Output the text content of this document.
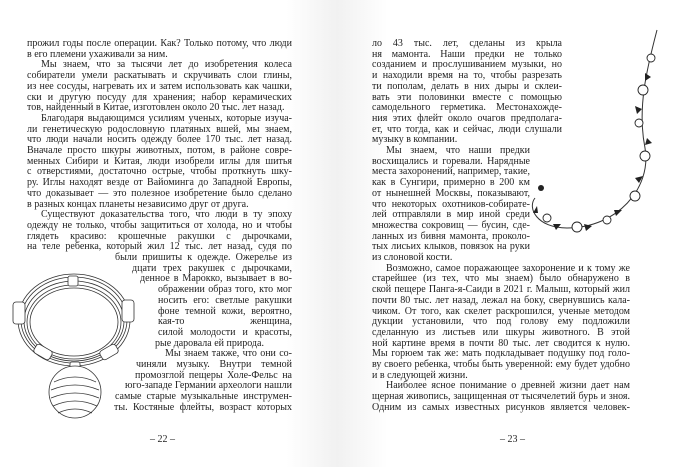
прожил годы после операции. Как? Только потому, что люди
в его племени ухаживали за ним.
Мы знаем, что за тысячи лет до изобретения колеса
собиратели умели раскатывать и скручивать слои глины,
из нее сосуды, нагревать их и затем использовать как чашки,
ски и другую посуду для хранения; набор керамических
тов, найденный в Китае, изготовлен около 20 тыс. лет назад.
Благодаря выдающимся усилиям ученых, которые изуча-
ли генетическую родословную платяных вшей, мы знаем,
что люди начали носить одежду более 170 тыс. лет назад.
Вначале просто шкуры животных, потом, в районе совре-
менных Сибири и Китая, люди изобрели иглы для шитья
с отверстиями, достаточно острые, чтобы проткнуть шку-
ру. Иглы находят везде от Вайоминга до Западной Европы,
что доказывает — это полезное изобретение было сделано
в разных концах планеты независимо друг от друга.
Существуют доказательства того, что люди в ту эпоху
одежду не только, чтобы защититься от холода, но и чтобы
глядеть красиво: крошечные ракушки с дырочками,
на теле ребенка, который жил 12 тыс. лет назад, судя по
были пришиты к одежде. Ожерелье из
дцати трех ракушек с дырочками,
денное в Марокко, вызывает в во-
ображении образ того, кто мог
носить его: светлые ракушки
фоне темной кожи, вероятно,
кая-то женщина,
силой молодости и красоты,
рые даровала ей природа.
Мы знаем также, что они со-
чиняли музыку. Внутри темной
промозглой пещеры Холе-Фельс на
юго-западе Германии археологи нашли
самые старые музыкальные инструмен-
ты. Костяные флейты, возраст которых
– 22 –
ло 43 тыс. лет, сделаны из крыла
ня мамонта. Наши предки не только
созданием и прослушиванием музыки, но
и находили время на то, чтобы разрезать
ти пополам, делать в них дыры и склеи-
вать эти половинки вместе с помощью
самодельного герметика. Местонахожде-
ния этих флейт около очагов предполага-
ет, что тогда, как и сейчас, люди слушали
музыку в компании.
Мы знаем, что наши предки
восхищались и горевали. Нарядные
места захоронений, например, такие,
как в Сунгири, примерно в 200 км
от нынешней Москвы, показывают,
что некоторых охотников-собирате-
лей отправляли в мир иной среди
множества сокровищ — бусин, сде-
ланных из бивня мамонта, проколо-
тых лисьих клыков, повязок на руки
из слоновой кости.
Возможно, самое поражающее захоронение и к тому же
старейшее (из тех, что мы знаем) было обнаружено в
ской пещере Панга-я-Саиди в 2021 г. Малыш, который жил
почти 80 тыс. лет назад, лежал на боку, свернувшись кала-
чиком. От того, как скелет раскрошился, ученые методом
дукции установили, что под голову ему подложили
сделанную из листьев или шкуры животного. В этой
ной картине время в почти 80 тыс. лет сводится к нулю.
Мы горюем так же: мать подкладывает подушку под голо-
ву своего ребенка, чтобы быть уверенной: ему будет удобно
и в следующей жизни.
Наиболее ясное понимание о древней жизни дает нам
щерная живопись, защищенная от тысячелетий бурь и зноя.
Одним из самых известных рисунков является человек-
– 23 –
